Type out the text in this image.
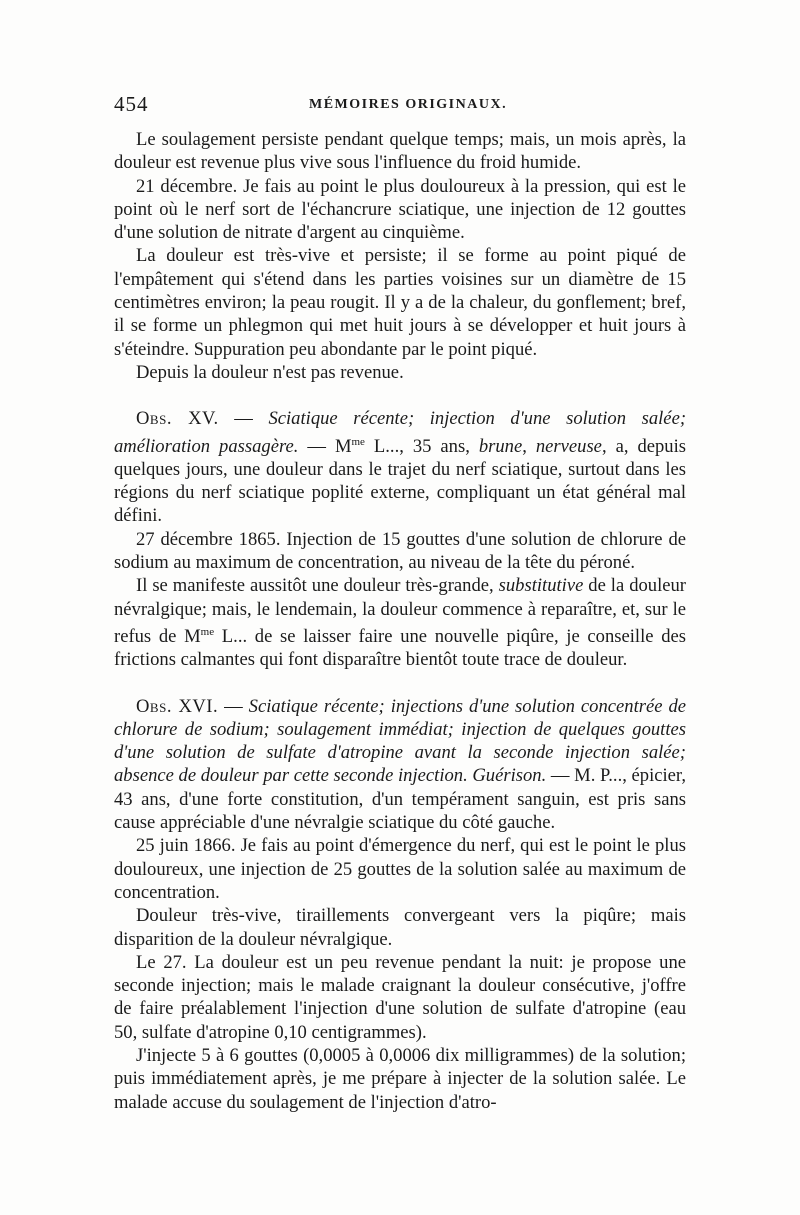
454	MÉMOIRES ORIGINAUX.

Le soulagement persiste pendant quelque temps; mais, un mois après, la douleur est revenue plus vive sous l'influence du froid humide.

21 décembre. Je fais au point le plus douloureux à la pression, qui est le point où le nerf sort de l'échancrure sciatique, une injection de 12 gouttes d'une solution de nitrate d'argent au cinquième.

La douleur est très-vive et persiste; il se forme au point piqué de l'empâtement qui s'étend dans les parties voisines sur un diamètre de 15 centimètres environ; la peau rougit. Il y a de la chaleur, du gonflement; bref, il se forme un phlegmon qui met huit jours à se développer et huit jours à s'éteindre. Suppuration peu abondante par le point piqué.

Depuis la douleur n'est pas revenue.

Obs. XV. — Sciatique récente; injection d'une solution salée; amélioration passagère. — $M^{me}$ L..., 35 ans, brune, nerveuse, a, depuis quelques jours, une douleur dans le trajet du nerf sciatique, surtout dans les régions du nerf sciatique poplité externe, compliquant un état général mal défini.

27 décembre 1865. Injection de 15 gouttes d'une solution de chlorure de sodium au maximum de concentration, au niveau de la tête du péroné.

Il se manifeste aussitôt une douleur très-grande, substitutive de la douleur névralgique; mais, le lendemain, la douleur commence à reparaître, et, sur le refus de $M^{me}$ L... de se laisser faire une nouvelle piqûre, je conseille des frictions calmantes qui font disparaître bientôt toute trace de douleur.

Obs. XVI. — Sciatique récente; injections d'une solution concentrée de chlorure de sodium; soulagement immédiat; injection de quelques gouttes d'une solution de sulfate d'atropine avant la seconde injection salée; absence de douleur par cette seconde injection. Guérison. — M. P..., épicier, 43 ans, d'une forte constitution, d'un tempérament sanguin, est pris sans cause appréciable d'une névralgie sciatique du côté gauche.

25 juin 1866. Je fais au point d'émergence du nerf, qui est le point le plus douloureux, une injection de 25 gouttes de la solution salée au maximum de concentration.

Douleur très-vive, tiraillements convergeant vers la piqûre; mais disparition de la douleur névralgique.

Le 27. La douleur est un peu revenue pendant la nuit: je propose une seconde injection; mais le malade craignant la douleur consécutive, j'offre de faire préalablement l'injection d'une solution de sulfate d'atropine (eau 50, sulfate d'atropine 0,10 centigrammes).

J'injecte 5 à 6 gouttes (0,0005 à 0,0006 dix milligrammes) de la solution; puis immédiatement après, je me prépare à injecter de la solution salée. Le malade accuse du soulagement de l'injection d'atro-
